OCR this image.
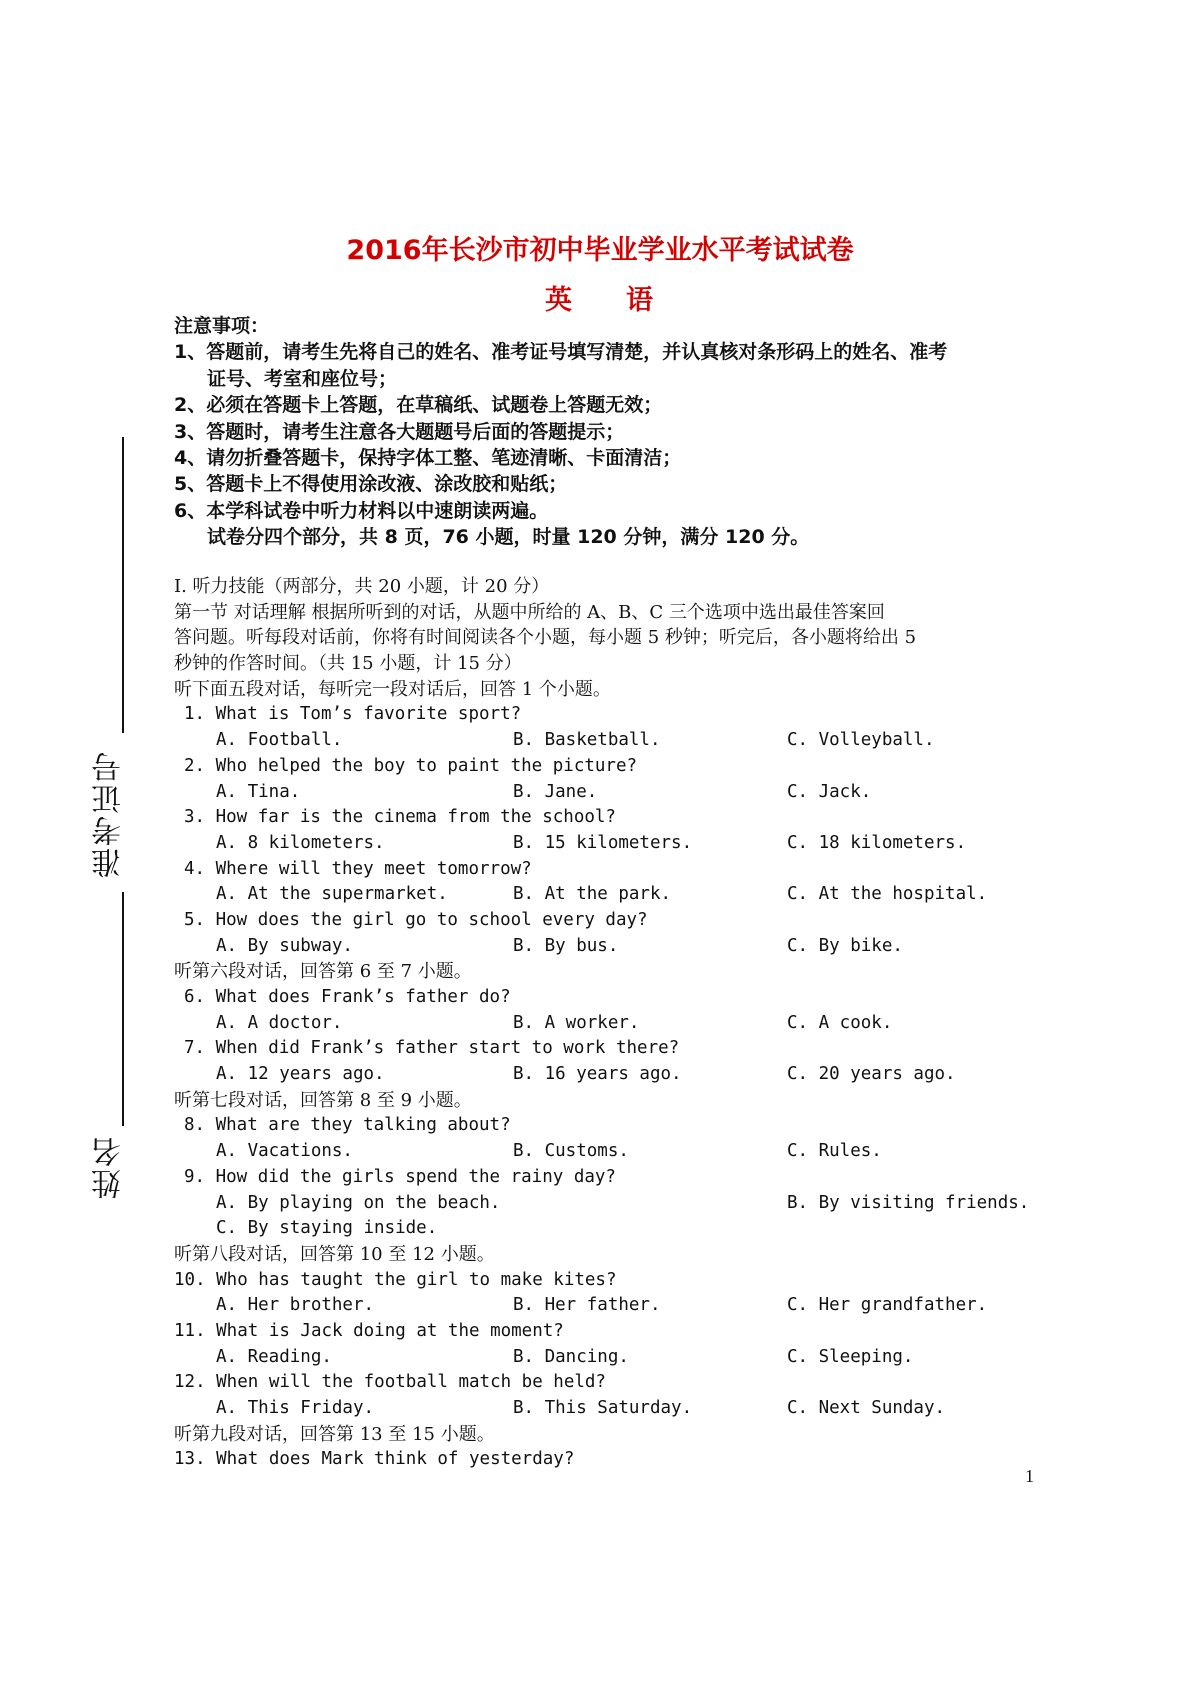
准考证号
姓名
2016年长沙市初中毕业学业水平考试试卷
英 语
注意事项：
1、答题前，请考生先将自己的姓名、准考证号填写清楚，并认真核对条形码上的姓名、准考
证号、考室和座位号；
2、必须在答题卡上答题，在草稿纸、试题卷上答题无效；
3、答题时，请考生注意各大题题号后面的答题提示；
4、请勿折叠答题卡，保持字体工整、笔迹清晰、卡面清洁；
5、答题卡上不得使用涂改液、涂改胶和贴纸；
6、本学科试卷中听力材料以中速朗读两遍。
试卷分四个部分，共 8 页，76 小题，时量 120 分钟，满分 120 分。
I. 听力技能（两部分，共 20 小题，计 20 分）
第一节 对话理解 根据所听到的对话，从题中所给的 A、B、C 三个选项中选出最佳答案回
答问题。听每段对话前，你将有时间阅读各个小题，每小题 5 秒钟；听完后，各小题将给出 5
秒钟的作答时间。（共 15 小题，计 15 分）
听下面五段对话，每听完一段对话后，回答 1 个小题。
1. What is Tom’s favorite sport?
A. Football.	B. Basketball.	C. Volleyball.
2. Who helped the boy to paint the picture?
A. Tina.	B. Jane.	C. Jack.
3. How far is the cinema from the school?
A. 8 kilometers.	B. 15 kilometers.	C. 18 kilometers.
4. Where will they meet tomorrow?
A. At the supermarket.	B. At the park.	C. At the hospital.
5. How does the girl go to school every day?
A. By subway.	B. By bus.	C. By bike.
听第六段对话，回答第 6 至 7 小题。
6. What does Frank’s father do?
A. A doctor.	B. A worker.	C. A cook.
7. When did Frank’s father start to work there?
A. 12 years ago.	B. 16 years ago.	C. 20 years ago.
听第七段对话，回答第 8 至 9 小题。
8. What are they talking about?
A. Vacations.	B. Customs.	C. Rules.
9. How did the girls spend the rainy day?
A. By playing on the beach.	B. By visiting friends.
C. By staying inside.
听第八段对话，回答第 10 至 12 小题。
10. Who has taught the girl to make kites?
A. Her brother.	B. Her father.	C. Her grandfather.
11. What is Jack doing at the moment?
A. Reading.	B. Dancing.	C. Sleeping.
12. When will the football match be held?
A. This Friday.	B. This Saturday.	C. Next Sunday.
听第九段对话，回答第 13 至 15 小题。
13. What does Mark think of yesterday?
1
